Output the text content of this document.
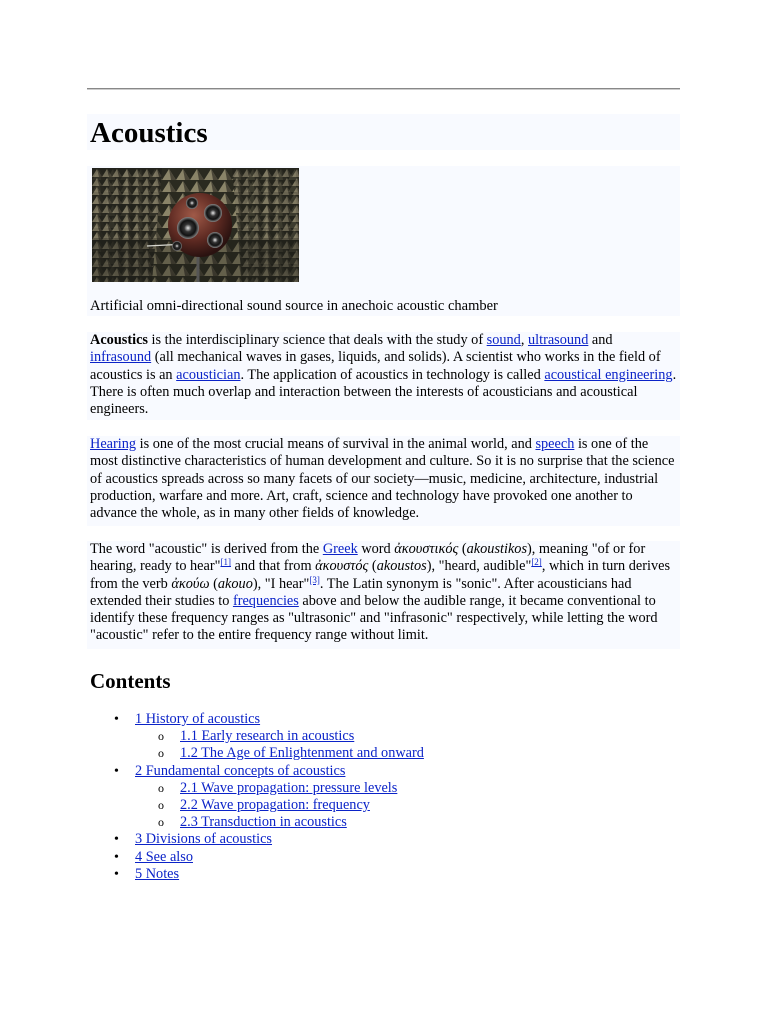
Acoustics
Artificial omni-directional sound source in anechoic acoustic chamber

Acoustics is the interdisciplinary science that deals with the study of sound, ultrasound and infrasound (all mechanical waves in gases, liquids, and solids). A scientist who works in the field of acoustics is an acoustician. The application of acoustics in technology is called acoustical engineering. There is often much overlap and interaction between the interests of acousticians and acoustical engineers.

Hearing is one of the most crucial means of survival in the animal world, and speech is one of the most distinctive characteristics of human development and culture. So it is no surprise that the science of acoustics spreads across so many facets of our society—music, medicine, architecture, industrial production, warfare and more. Art, craft, science and technology have provoked one another to advance the whole, as in many other fields of knowledge.

The word "acoustic" is derived from the Greek word ἀκουστικός (akoustikos), meaning "of or for hearing, ready to hear"[1] and that from ἀκουστός (akoustos), "heard, audible"[2], which in turn derives from the verb ἀκούω (akouo), "I hear"[3]. The Latin synonym is "sonic". After acousticians had extended their studies to frequencies above and below the audible range, it became conventional to identify these frequency ranges as "ultrasonic" and "infrasonic" respectively, while letting the word "acoustic" refer to the entire frequency range without limit.

Contents
• 1 History of acoustics
o 1.1 Early research in acoustics
o 1.2 The Age of Enlightenment and onward
• 2 Fundamental concepts of acoustics
o 2.1 Wave propagation: pressure levels
o 2.2 Wave propagation: frequency
o 2.3 Transduction in acoustics
• 3 Divisions of acoustics
• 4 See also
• 5 Notes
